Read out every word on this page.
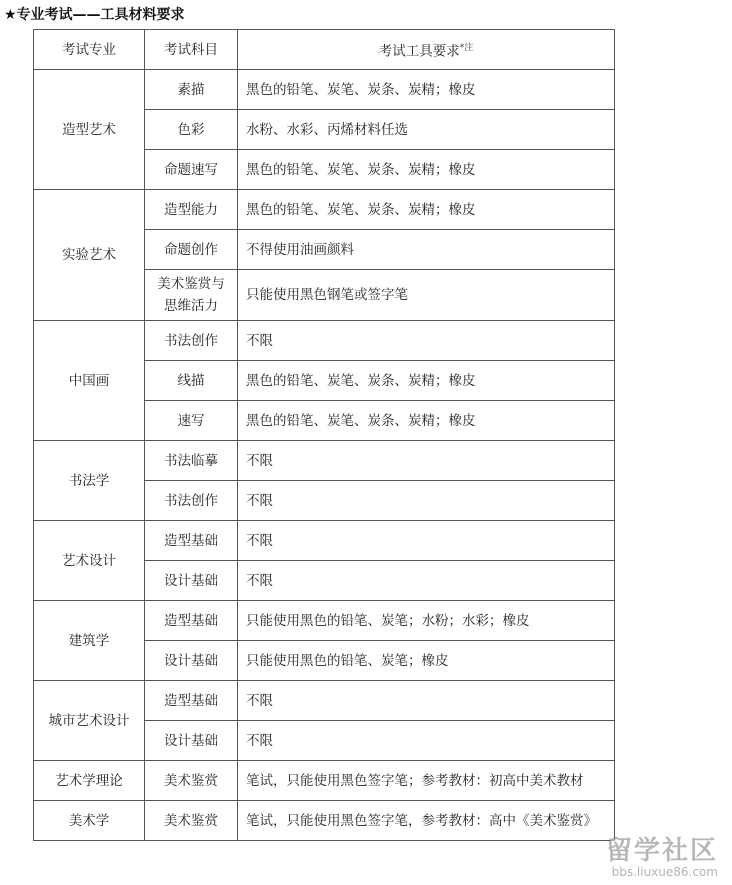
★专业考试——工具材料要求
考试专业	考试科目	考试工具要求$^{*注}$
造型艺术	素描	黑色的铅笔、炭笔、炭条、炭精；橡皮
	色彩	水粉、水彩、丙烯材料任选
	命题速写	黑色的铅笔、炭笔、炭条、炭精；橡皮
实验艺术	造型能力	黑色的铅笔、炭笔、炭条、炭精；橡皮
	命题创作	不得使用油画颜料
	美术鉴赏与思维活力	只能使用黑色钢笔或签字笔
中国画	书法创作	不限
	线描	黑色的铅笔、炭笔、炭条、炭精；橡皮
	速写	黑色的铅笔、炭笔、炭条、炭精；橡皮
书法学	书法临摹	不限
	书法创作	不限
艺术设计	造型基础	不限
	设计基础	不限
建筑学	造型基础	只能使用黑色的铅笔、炭笔；水粉；水彩；橡皮
	设计基础	只能使用黑色的铅笔、炭笔；橡皮
城市艺术设计	造型基础	不限
	设计基础	不限
艺术学理论	美术鉴赏	笔试，只能使用黑色签字笔；参考教材：初高中美术教材
美术学	美术鉴赏	笔试，只能使用黑色签字笔，参考教材：高中《美术鉴赏》
留学社区
bbs.liuxue86.com
